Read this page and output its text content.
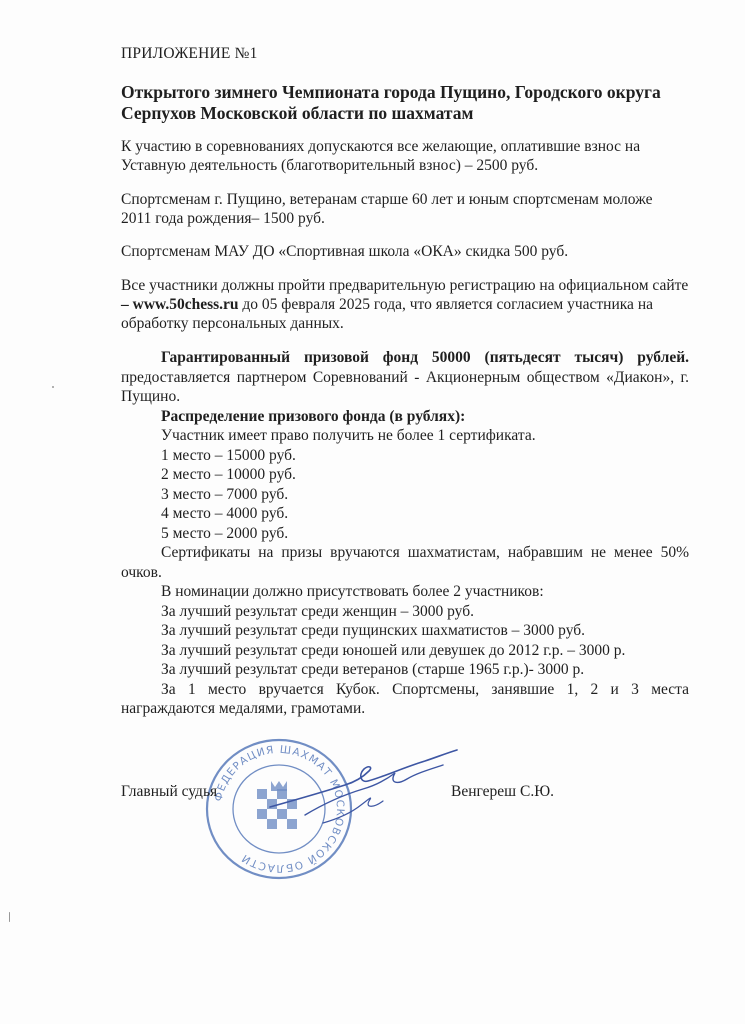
ПРИЛОЖЕНИЕ №1
Открытого зимнего Чемпионата города Пущино, Городского округа Серпухов Московской области по шахматам

К участию в соревнованиях допускаются все желающие, оплатившие взнос на Уставную деятельность (благотворительный взнос) – 2500 руб.

Спортсменам г. Пущино, ветеранам старше 60 лет и юным спортсменам моложе 2011 года рождения– 1500 руб.

Спортсменам МАУ ДО «Спортивная школа «ОКА» скидка 500 руб.

Все участники должны пройти предварительную регистрацию на официальном сайте – www.50chess.ru до 05 февраля 2025 года, что является согласием участника на обработку персональных данных.

Гарантированный призовой фонд 50000 (пятьдесят тысяч) рублей. предоставляется партнером Соревнований - Акционерным обществом «Диакон», г. Пущино.

Распределение призового фонда (в рублях):

Участник имеет право получить не более 1 сертификата.

1 место – 15000 руб.

2 место – 10000 руб.

3 место – 7000 руб.

4 место – 4000 руб.

5 место – 2000 руб.

Сертификаты на призы вручаются шахматистам, набравшим не менее 50% очков.

В номинации должно присутствовать более 2 участников:

За лучший результат среди женщин – 3000 руб.

За лучший результат среди пущинских шахматистов – 3000 руб.

За лучший результат среди юношей или девушек до 2012 г.р. – 3000 р.

За лучший результат среди ветеранов (старше 1965 г.р.)- 3000 р.

За 1 место вручается Кубок. Спортсмены, занявшие 1, 2 и 3 места награждаются медалями, грамотами.

ФЕДЕРАЦИЯ ШАХМАТ МОСКОВСКОЙ ОБЛАСТИ
Главный судья	Венгереш С.Ю.
